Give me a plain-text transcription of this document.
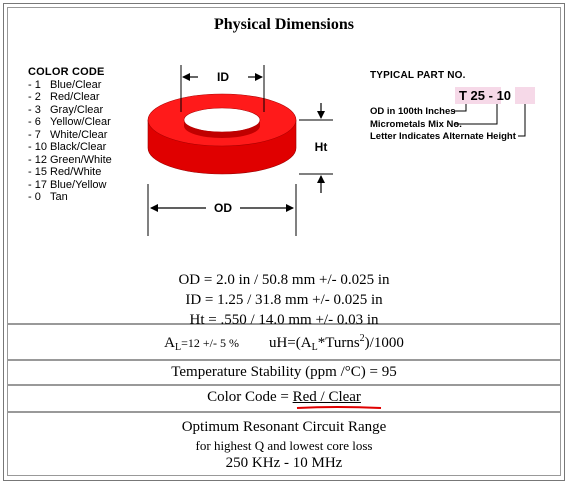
Physical Dimensions
COLOR CODE
- 1 Blue/Clear
- 2 Red/Clear
- 3 Gray/Clear
- 6 Yellow/Clear
- 7 White/Clear
- 10 Black/Clear
- 12 Green/White
- 15 Red/White
- 17 Blue/Yellow
- 0 Tan
ID
OD
Ht
TYPICAL PART NO.
T 25 - 10
OD in 100th Inches
Micrometals Mix No.
Letter Indicates Alternate Height
OD = 2.0 in / 50.8 mm +/- 0.025 in
ID = 1.25 / 31.8 mm +/- 0.025 in
Ht = .550 / 14.0 mm +/- 0.03 in
$A_L=12$ +/- 5 % $uH=(A_L*Turns^2)/1000$
Temperature Stability (ppm /°C) = 95
Color Code = Red / Clear
Optimum Resonant Circuit Range
for highest Q and lowest core loss
250 KHz - 10 MHz
